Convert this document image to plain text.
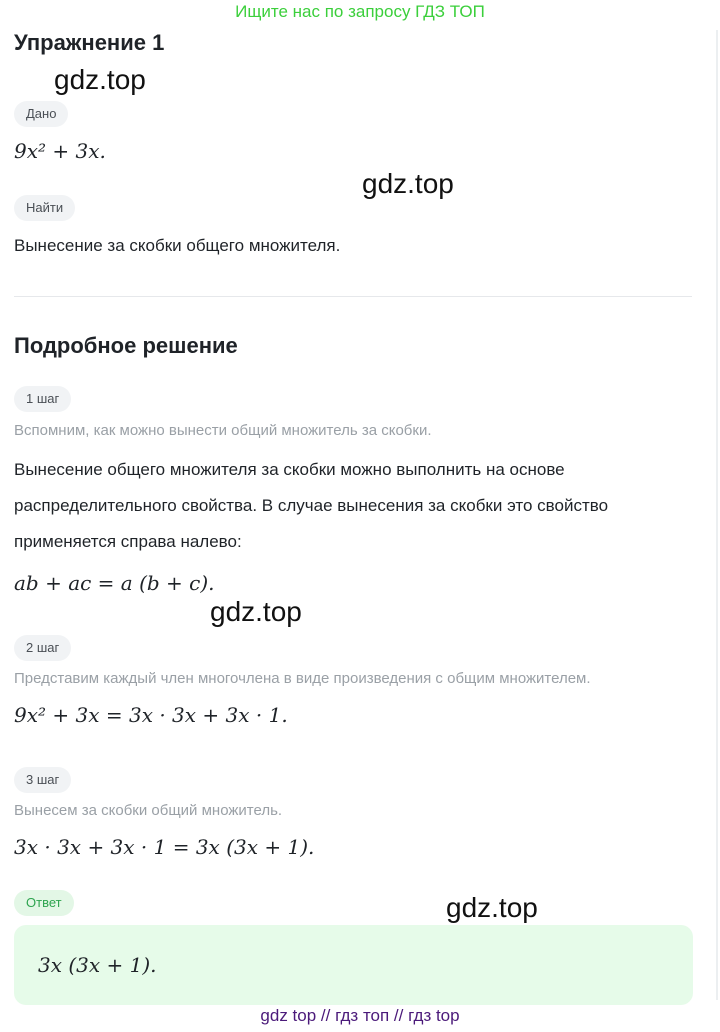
Ищите нас по запросу ГДЗ ТОП
Упражнение 1
gdz.top
gdz.top
gdz.top
gdz.top
Дано
9x² + 3x.
Найти
Вынесение за скобки общего множителя.
Подробное решение
1 шаг
Вспомним, как можно вынести общий множитель за скобки.
Вынесение общего множителя за скобки можно выполнить на основе распределительного свойства. В случае вынесения за скобки это свойство применяется справа налево:
ab + ac = a (b + c).
2 шаг
Представим каждый член многочлена в виде произведения с общим множителем.
9x² + 3x = 3x · 3x + 3x · 1.
3 шаг
Вынесем за скобки общий множитель.
3x · 3x + 3x · 1 = 3x (3x + 1).
Ответ
3x (3x + 1).
gdz top // гдз топ // гдз top
